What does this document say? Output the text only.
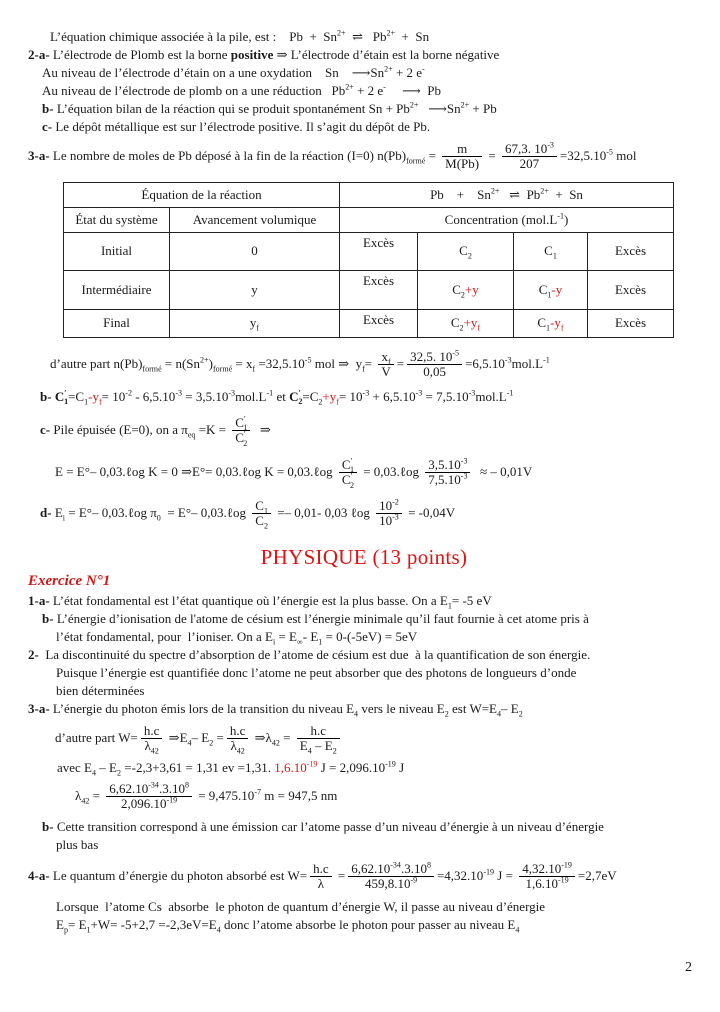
L’équation chimique associée à la pile, est :    $Pb + Sn^{2+}$  ⇌   $Pb^{2+} + Sn$

2-a- L’électrode de Plomb est la borne positive ⇒ L’électrode d’étain est la borne négative

Au niveau de l’électrode d’étain on a une oxydation    Sn    $⟶Sn^{2+} + 2$ e-

Au niveau de l’électrode de plomb on a une réduction   $Pb^{2+} + 2$ e-     ⟶  Pb

b- L’équation bilan de la réaction qui se produit spontanément $Sn + Pb^{2+}$   $⟶Sn^{2+} + Pb$

c- Le dépôt métallique est sur l’électrode positive. Il s’agit du dépôt de Pb.

3-a- Le nombre de moles de Pb déposé à la fin de la réaction (I=0) $n(Pb)_{formé} = \frac{m}{M(Pb)} = \frac{67,3. 10^{-3}}{207} =32,5.10^{-5}$ mol

Équation de la réaction		Pb    +    $Sn^{2+}$   ⇌  $Pb^{2+} + Sn$			
État du système	Avancement volumique	Concentration $(mol.L^{-1})$			
Initial	0	Excès	$C_2$	$C_1$	Excès
Intermédiaire	y	Excès	$C_2+y$	$C_1-y$	Excès
Final	$y_f$	Excès	$C_2+y_f$	$C_1-y_f$	Excès

d’autre part $n(Pb)_{formé} = n(Sn^{2+})_{formé} = x_f =32,5.10^{-5}$ mol ⇒  $y_f= \frac{x_f}{V} = \frac{32,5. 10^{-5}}{0,05} =6,5.10^{-3}mol.L^{-1}$

b- $C'_1=C_1-y_f= 10^{-2} - 6,5.10^{-3} = 3,5.10^{-3}mol.L^{-1}$ et $C'_2=C_2+y_f= 10^{-3} + 6,5.10^{-3} = 7,5.10^{-3}mol.L^{-1}$

c- Pile épuisée (E=0), on a $\pi_{eq} =K = \frac{C'_1}{C'_2}$ ⇒

E = E°– 0,03.ℓog K = 0 ⇒E°= 0,03.ℓog K = 0,03.ℓog $\frac{C'_1}{C'_2}$ = 0,03.ℓog $\frac{3,5.10^{-3}}{7,5.10^{-3}}$ ≈ – 0,01V

d- $E_i = E^\circ-$ 0,03.ℓog $\pi_0 = E^\circ-$ 0,03.ℓog $\frac{C_1}{C_2} =- 0,01-$ 0,03 ℓog $\frac{10^{-2}}{10^{-3}} = -0,04V$

PHYSIQUE (13 points)
Exercice N°1

1-a- L’état fondamental est l’état quantique où l’énergie est la plus basse. On a $E_1= -5$ eV

b- L’énergie d’ionisation de l'atome de césium est l’énergie minimale qu’il faut fournie à cet atome pris à

l’état fondamental, pour  l’ioniser. On a $E_i = E_\infty-$ $E_1 = 0-(-5eV) = 5eV$

2-  La discontinuité du spectre d’absorption de l’atome de césium est due  à la quantification de son énergie.

Puisque l’énergie est quantifiée donc l’atome ne peut absorber que des photons de longueurs d’onde

bien déterminées

3-a- L’énergie du photon émis lors de la transition du niveau $E_4$ vers le niveau $E_2$ est $W=E_4-$ $E_2$

d’autre part $W= \frac{h.c}{\lambda_{42}}$ $\Rightarrow E_4-$ $E_2 = \frac{h.c}{\lambda_{42}}$ $\Rightarrow\lambda_{42} = \frac{h.c}{E_4 - E_2}$

avec $E_4 - E_2 =-2,3+3,61 = 1,31$ ev =1,31. $1,6.10^{-19}$ $J = 2,096.10^{-19}$ J

$\lambda_{42} = \frac{6,62.10^{-34}.3.10^8}{2,096.10^{-19}} = 9,475.10^{-7}$ m = 947,5 nm

b- Cette transition correspond à une émission car l’atome passe d’un niveau d’énergie à un niveau d’énergie

plus bas

4-a- Le quantum d’énergie du photon absorbé est $W= \frac{h.c}{\lambda} = \frac{6,62.10^{-34}.3.10^8}{459,8.10^{-9}} =4,32.10^{-19}$ $J = \frac{4,32.10^{-19}}{1,6.10^{-19}} =2,7eV$

Lorsque  l’atome Cs  absorbe  le photon de quantum d’énergie W, il passe au niveau d’énergie

$E_p= E_1+W= -5+2,7 =-2,3eV=E_4$ donc l’atome absorbe le photon pour passer au niveau $E_4$

2
